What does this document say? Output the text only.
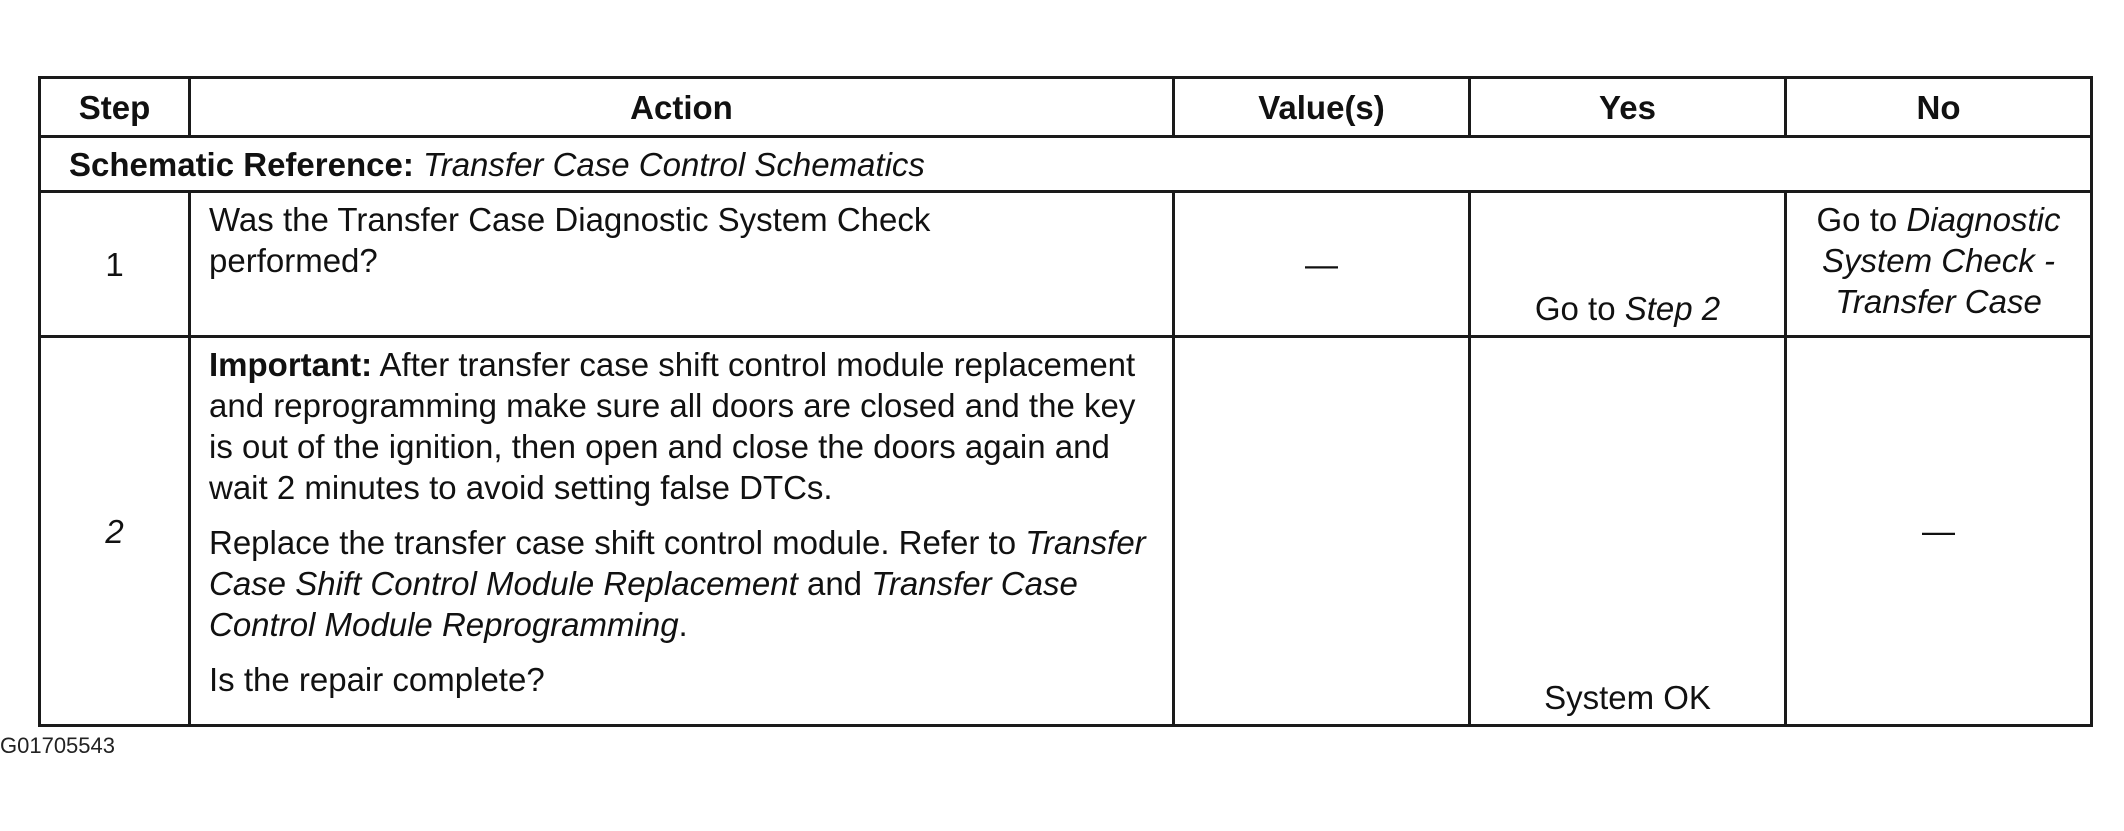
Step	Action	Value(s)	Yes	No
Schematic Reference: Transfer Case Control Schematics				
1	Was the Transfer Case Diagnostic System Check performed?	—	Go to Step 2	Go to Diagnostic
System Check -
Transfer Case

2	Important: After transfer case shift control module replacement and reprogramming make sure all doors are closed and the key is out of the ignition, then open and close the doors again and wait 2 minutes to avoid setting false DTCs.

Replace the transfer case shift control module. Refer to Transfer Case Shift Control Module Replacement and Transfer Case Control Module Reprogramming.

Is the repair complete?		System OK	—
G01705543
